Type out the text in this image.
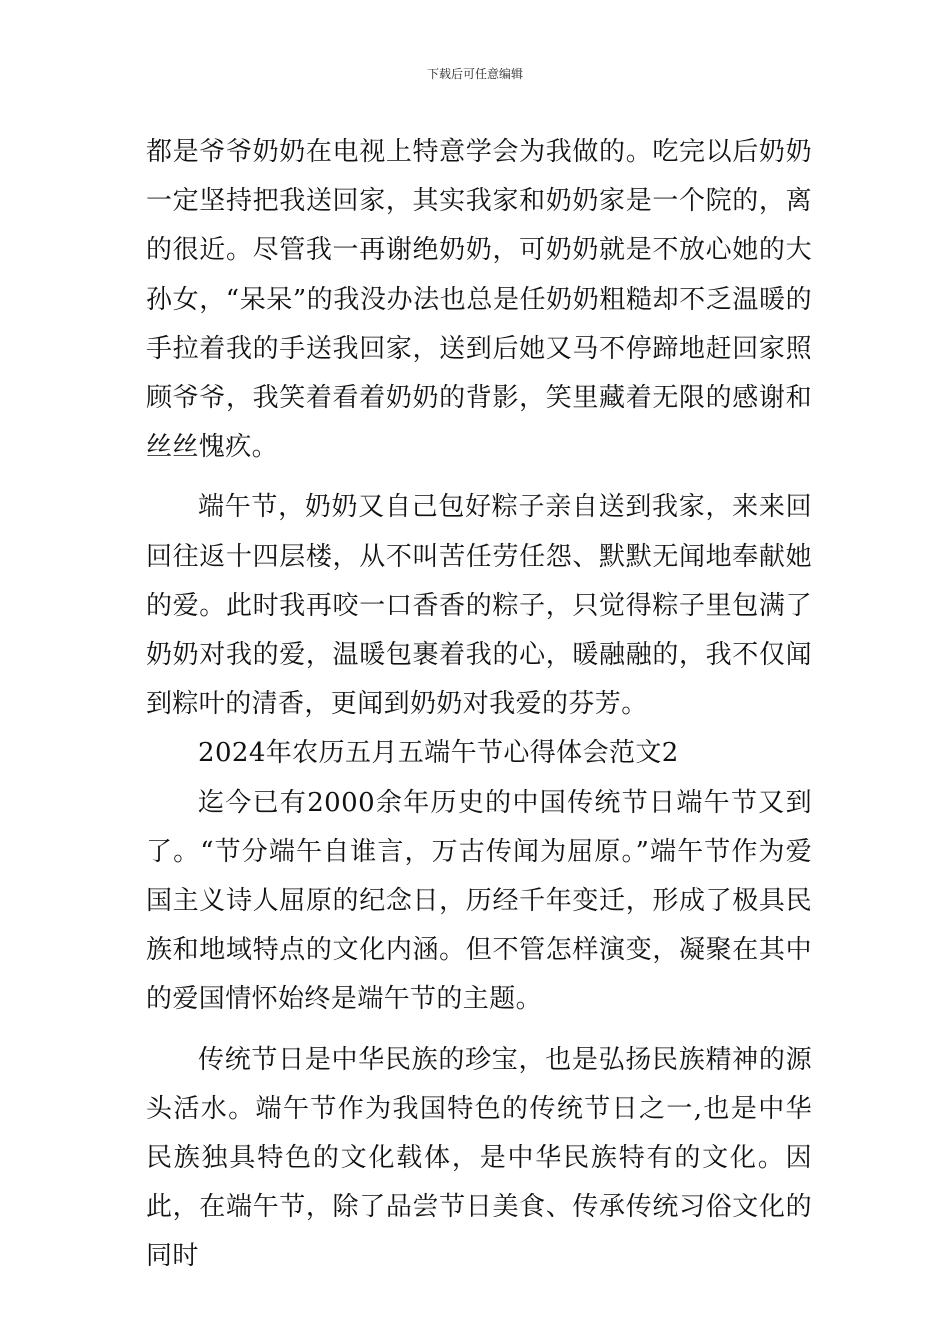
下载后可任意编辑

都是爷爷奶奶在电视上特意学会为我做的。吃完以后奶奶一定坚持把我送回家，其实我家和奶奶家是一个院的，离的很近。尽管我一再谢绝奶奶，可奶奶就是不放心她的大孙女，“呆呆”的我没办法也总是任奶奶粗糙却不乏温暖的手拉着我的手送我回家，送到后她又马不停蹄地赶回家照顾爷爷，我笑着看着奶奶的背影，笑里藏着无限的感谢和丝丝愧疚。

端午节，奶奶又自己包好粽子亲自送到我家，来来回回往返十四层楼，从不叫苦任劳任怨、默默无闻地奉献她的爱。此时我再咬一口香香的粽子，只觉得粽子里包满了奶奶对我的爱，温暖包裹着我的心，暖融融的，我不仅闻到粽叶的清香，更闻到奶奶对我爱的芬芳。

2024年农历五月五端午节心得体会范文2

迄今已有2000余年历史的中国传统节日端午节又到了。“节分端午自谁言，万古传闻为屈原。”端午节作为爱国主义诗人屈原的纪念日，历经千年变迁，形成了极具民族和地域特点的文化内涵。但不管怎样演变，凝聚在其中的爱国情怀始终是端午节的主题。

传统节日是中华民族的珍宝，也是弘扬民族精神的源头活水。端午节作为我国特色的传统节日之一,也是中华民族独具特色的文化载体，是中华民族特有的文化。因此，在端午节，除了品尝节日美食、传承传统习俗文化的同时
